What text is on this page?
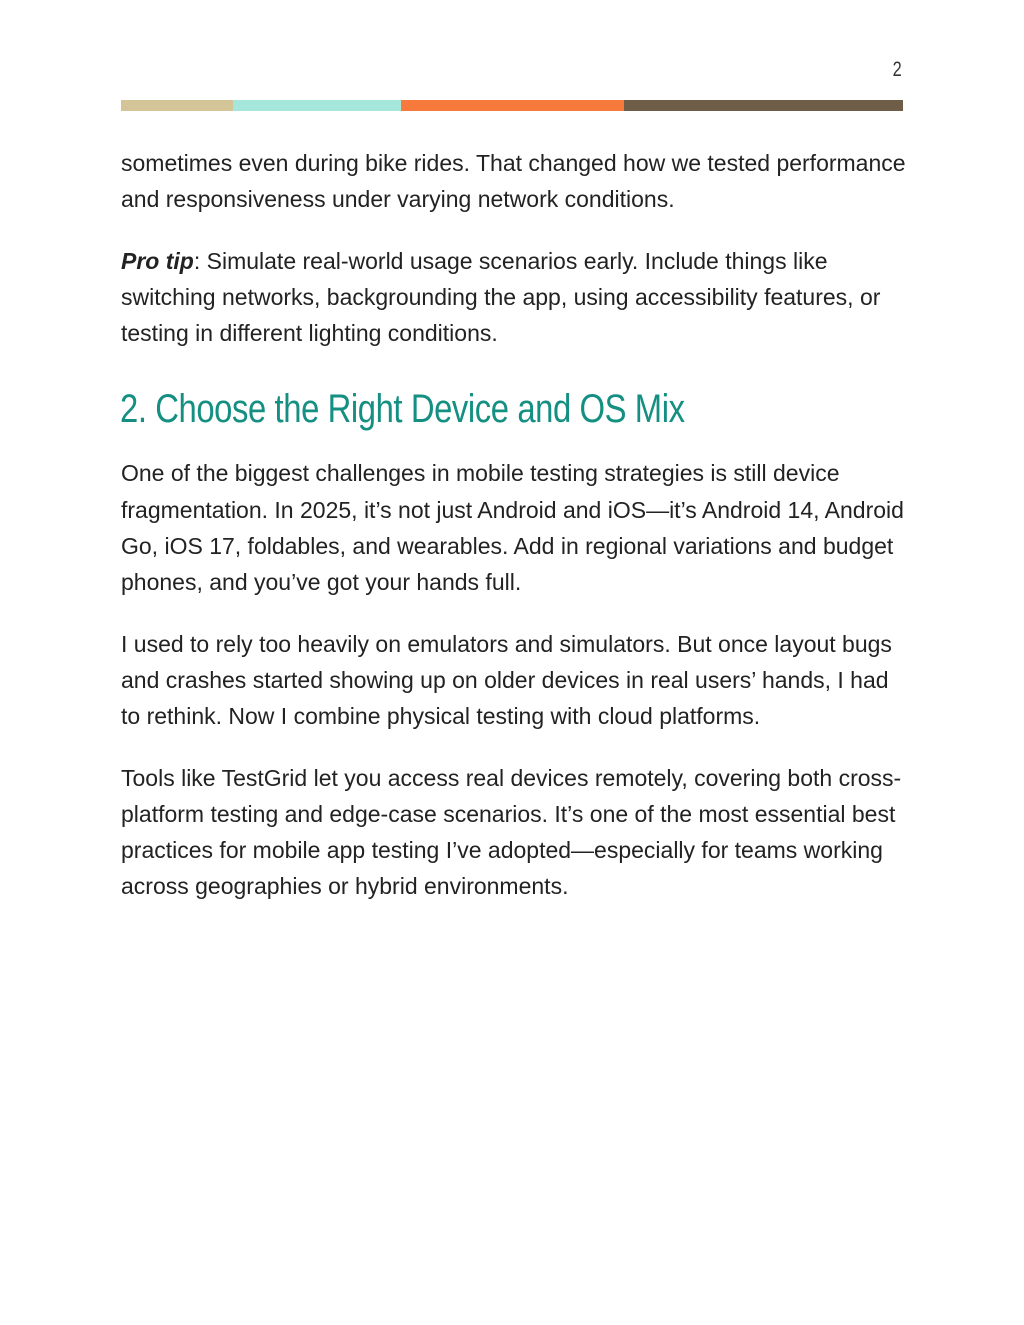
2

sometimes even during bike rides. That changed how we tested performance and responsiveness under varying network conditions.

Pro tip: Simulate real-world usage scenarios early. Include things like switching networks, backgrounding the app, using accessibility features, or testing in different lighting conditions.

2. Choose the Right Device and OS Mix

One of the biggest challenges in mobile testing strategies is still device fragmentation. In 2025, it’s not just Android and iOS—it’s Android 14, Android Go, iOS 17, foldables, and wearables. Add in regional variations and budget phones, and you’ve got your hands full.

I used to rely too heavily on emulators and simulators. But once layout bugs and crashes started showing up on older devices in real users’ hands, I had to rethink. Now I combine physical testing with cloud platforms.

Tools like TestGrid let you access real devices remotely, covering both cross-platform testing and edge-case scenarios. It’s one of the most essential best practices for mobile app testing I’ve adopted—especially for teams working across geographies or hybrid environments.
